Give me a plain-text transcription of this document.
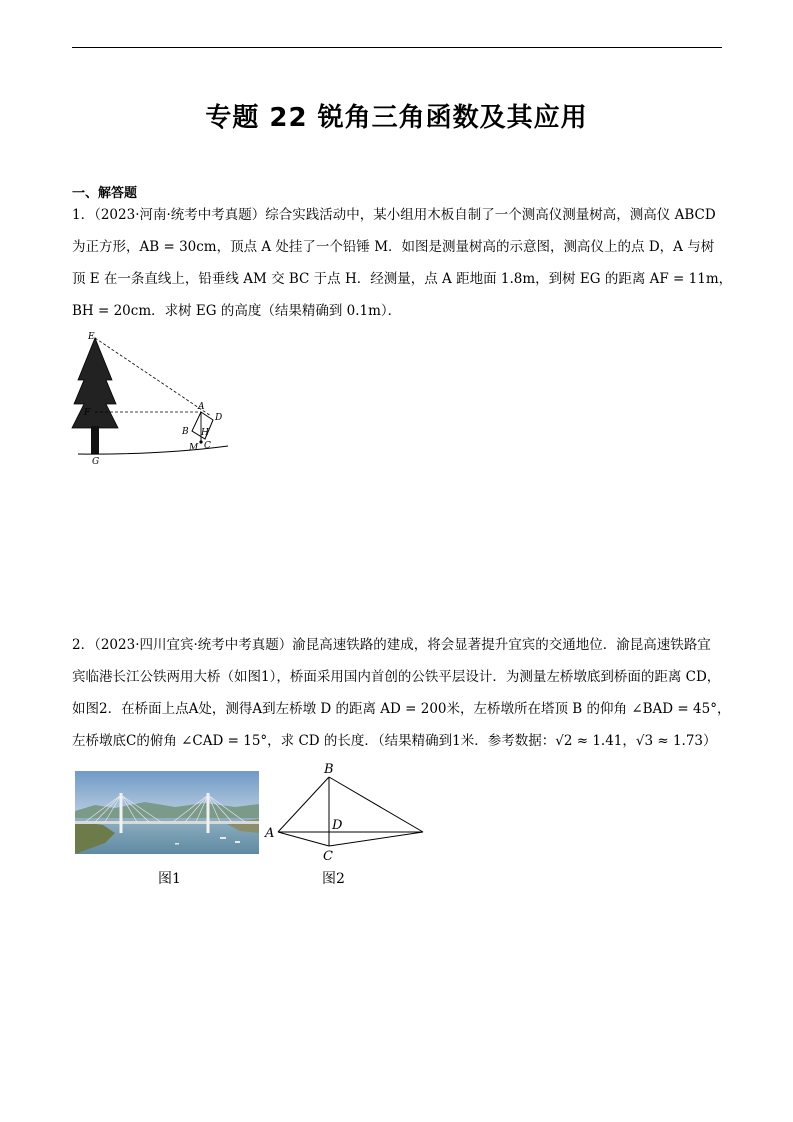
专题 22 锐角三角函数及其应用
一、解答题
1．（2023·河南·统考中考真题）综合实践活动中，某小组用木板自制了一个测高仪测量树高，测高仪 ABCD
为正方形，AB = 30cm，顶点 A 处挂了一个铅锤 M．如图是测量树高的示意图，测高仪上的点 D，A 与树
顶 E 在一条直线上，铅垂线 AM 交 BC 于点 H．经测量，点 A 距地面 1.8m，到树 EG 的距离 AF = 11m，
BH = 20cm．求树 EG 的高度（结果精确到 0.1m）．
E
F
G
A
D
B H
M C
2．（2023·四川宜宾·统考中考真题）渝昆高速铁路的建成，将会显著提升宜宾的交通地位．渝昆高速铁路宜
宾临港长江公铁两用大桥（如图1），桥面采用国内首创的公铁平层设计．为测量左桥墩底到桥面的距离 CD，
如图2．在桥面上点A处，测得A到左桥墩 D 的距离 AD = 200米，左桥墩所在塔顶 B 的仰角 ∠BAD = 45°，
左桥墩底C的俯角 ∠CAD = 15°，求 CD 的长度．（结果精确到1米．参考数据：√2 ≈ 1.41，√3 ≈ 1.73）
图1
B
A
D
C
图2
